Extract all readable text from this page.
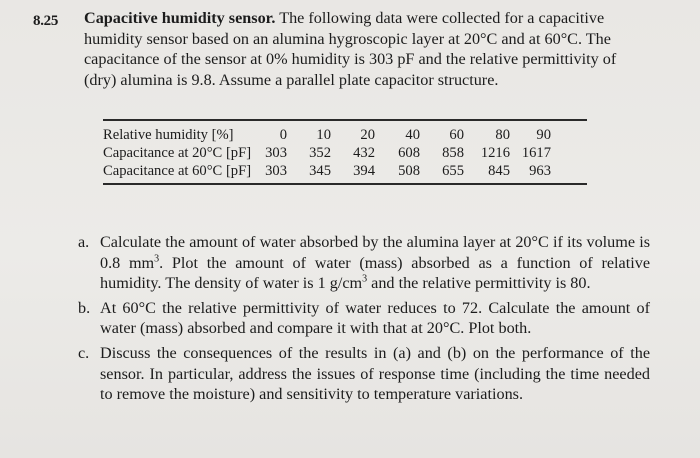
8.25 Capacitive humidity sensor. The following data were collected for a capacitive humidity sensor based on an alumina hygroscopic layer at 20°C and at 60°C. The capacitance of the sensor at 0% humidity is 303 pF and the relative permittivity of (dry) alumina is 9.8. Assume a parallel plate capacitor structure.
Relative humidity [%]	0	10	20	40	60	80	90
Capacitance at 20°C [pF]	303	352	432	608	858	1216	1617
Capacitance at 60°C [pF]	303	345	394	508	655	845	963
a. Calculate the amount of water absorbed by the alumina layer at 20°C if its volume is 0.8 $mm^3$. Plot the amount of water (mass) absorbed as a function of relative humidity. The density of water is 1 $g/cm^3$ and the relative permittivity is 80.
b. At 60°C the relative permittivity of water reduces to 72. Calculate the amount of water (mass) absorbed and compare it with that at 20°C. Plot both.
c. Discuss the consequences of the results in (a) and (b) on the performance of the sensor. In particular, address the issues of response time (including the time needed to remove the moisture) and sensitivity to temperature variations.
